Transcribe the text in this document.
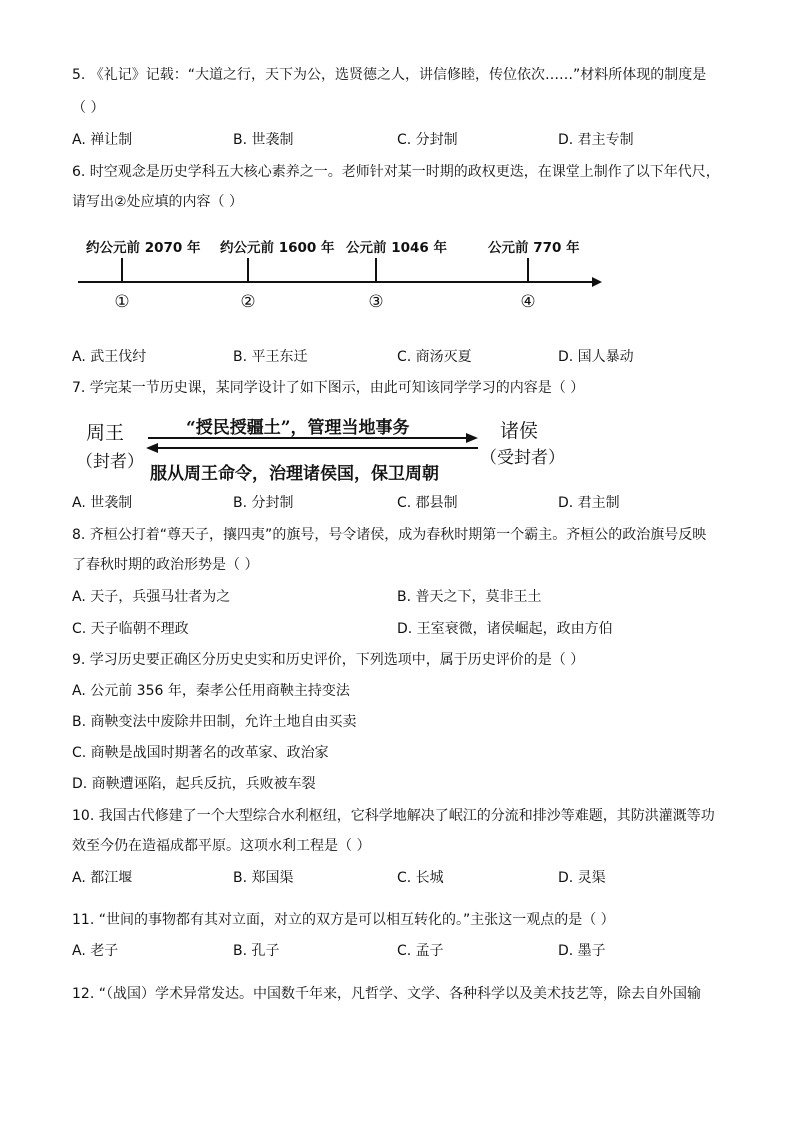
5. 《礼记》记载：“大道之行，天下为公，选贤德之人，讲信修睦，传位依次……”材料所体现的制度是
（ ）
A. 禅让制	B. 世袭制	C. 分封制	D. 君主专制
6. 时空观念是历史学科五大核心素养之一。老师针对某一时期的政权更迭，在课堂上制作了以下年代尺，
请写出②处应填的内容（ ）
约公元前 2070 年 约公元前 1600 年 公元前 1046 年	公元前 770 年
①	②	③	④
A. 武王伐纣	B. 平王东迁	C. 商汤灭夏	D. 国人暴动
7. 学完某一节历史课，某同学设计了如下图示，由此可知该同学学习的内容是（ ）
周王
（封者）
诸侯
（受封者）
“授民授疆土”，管理当地事务
服从周王命令，治理诸侯国，保卫周朝
A. 世袭制	B. 分封制	C. 郡县制	D. 君主制
8. 齐桓公打着“尊天子，攘四夷”的旗号，号令诸侯，成为春秋时期第一个霸主。齐桓公的政治旗号反映
了春秋时期的政治形势是（ ）
A. 天子，兵强马壮者为之	B. 普天之下，莫非王土
C. 天子临朝不理政	D. 王室衰微，诸侯崛起，政由方伯
9. 学习历史要正确区分历史史实和历史评价，下列选项中，属于历史评价的是（ ）
A. 公元前 356 年，秦孝公任用商鞅主持变法
B. 商鞅变法中废除井田制，允许土地自由买卖
C. 商鞅是战国时期著名的改革家、政治家
D. 商鞅遭诬陷，起兵反抗，兵败被车裂
10. 我国古代修建了一个大型综合水利枢纽，它科学地解决了岷江的分流和排沙等难题，其防洪灌溉等功
效至今仍在造福成都平原。这项水利工程是（ ）
A. 都江堰	B. 郑国渠	C. 长城	D. 灵渠
11. “世间的事物都有其对立面，对立的双方是可以相互转化的。”主张这一观点的是（ ）
A. 老子	B. 孔子	C. 孟子	D. 墨子
12. “（战国）学术异常发达。中国数千年来，凡哲学、文学、各种科学以及美术技艺等，除去自外国输
